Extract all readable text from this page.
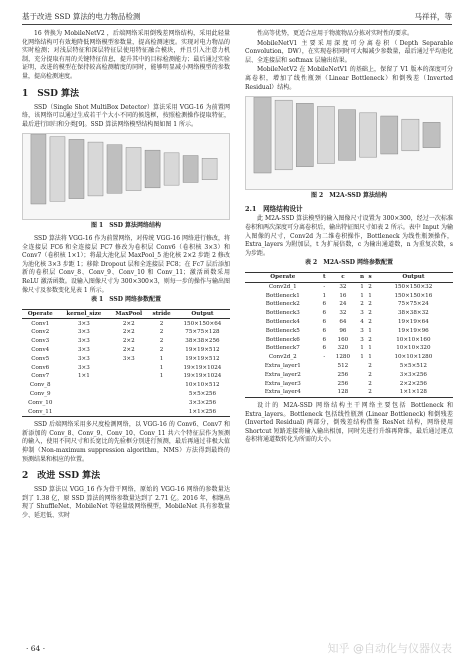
基于改进 SSD 算法的电力物品检测	马祥祥，等

16 替换为 MobileNetV2 ，后端网络采用倒残差网络结构，采用此轻量化网络结构可有效地降低网络模型参数量，提高检测速度。实现对电力物品的实时检测；对浅层特征和深层特征层使用特征融合模块，并且引入注意力机制，充分提取有用的关键特征信息，提升其中的目标检测能力；最后通过实验证明，改进的模型在保持较高检测精度的同时，能够明显减小网络模型的参数量，提高检测速度。

1　SSD 算法

SSD（Single Shot MultiBox Detector）算法采用 VGG-16 为前置网络，该网络可以通过生成若干个大小不同的候选框，按照检测操作提取特征，最后进行回归和分类[9]。SSD 算法网络模型结构图如图 1 所示。

图 1　SSD 算法网络结构

SSD 算法将 VGG-16 作为前置网络，对传统 VGG-16 网络进行修改，将全连接层 FC6 和全连接层 FC7 修改为卷积层 Conv6（卷积核 3×3）和 Conv7（卷积核 1×1）；将最大池化层 MaxPool_5 池化核 2×2 步距 2 修改为池化核 3×3 步距 1；移除 Dropout 层和全连接层 FC8；在 Fc7 层后添加新的卷积层 Conv_8、Conv_9、Conv_10 和 Conv_11；激活函数采用 ReLU 激活函数。设输入图像尺寸为 300×300×3，则每一步的操作与输出图像尺寸及参数变化见表 1 所示。

表 1　SSD 网络参数配置
Operate	kernel_size	MaxPool	stride	Output
Conv1	3×3	2×2	2	150×150×64
Conv2	3×3	2×2	2	75×75×128
Conv3	3×3	2×2	2	38×38×256
Conv4	3×3	2×2	2	19×19×512
Conv5	3×3	3×3	1	19×19×512
Conv6	3×3		1	19×19×1024
Conv7	1×1		1	19×19×1024
Conv_8				10×10×512
Conv_9				5×5×256
Conv_10				3×3×256
Conv_11				1×1×256

SSD 后端网络采用多尺度检测网络，以 VGG-16 的 Conv6、Conv7 和新添加的 Conv_8、Conv_9、Conv_10、Conv_11 共六个特征层作为预测的输入，使用不同尺寸和长宽比的先验框分别进行预测，最后再通过非极大值抑制（Non-maximum suppression algorithm，NMS）方法得到最终的预测结果和相应的位置。

2　改进 SSD 算法

SSD 算法以 VGG_16 作为骨干网络，原始的 VGG-16 网络的参数量达到了 1.38 亿，原 SSD 算法的网络参数量达到了 2.71 亿。2016 年，相继出现了 ShuffleNet、MobileNet 等轻量级网络模型，MobileNet 具有参数量少、延迟低、实时

性高等优势，更适合应用于物流物品分拣对实时性的要求。

MobileNetV1 主要采用深度可分离卷积（Depth Separable Convolution，DW），在实现卷积同时可大幅减少参数量，最后通过平均池化层、全连接层和 softmax 层输出结果。

MobileNetV2 在 MobileNetV1 的基础上，保留了 V1 版本的深度可分离卷积，增加了线性瓶颈（Linear Bottleneck）和倒残差（Inverted Residual）结构。

图 2　M2A-SSD 算法结构
2.1　网络结构设计

此 M2A-SSD 算法模型的输入图像尺寸设置为 300×300，经过一次标准卷积和两次深度可分离卷积后，输出特征图尺寸如表 2 所示。表中 Input 为输入图像的尺寸，Conv2d 为二维卷积操作，Bottleneck 为线性瓶颈操作，Extra_layers 为附加层，t 为扩展倍数，c 为输出通道数，n 为重复次数，s 为步距。

表 2　M2A-SSD 网络参数配置
Operate	t	c	n	s	Output
Conv2d_1	-	32	1	2	150×150×32
Bottleneck1	1	16	1	1	150×150×16
Bottleneck2	6	24	2	2	75×75×24
Bottleneck3	6	32	3	2	38×38×32
Bottleneck4	6	64	4	2	19×19×64
Bottleneck5	6	96	3	1	19×19×96
Bottleneck6	6	160	3	2	10×10×160
Bottleneck7	6	320	1	1	10×10×320
Conv2d_2	-	1280	1	1	10×10×1280
Extra_layer1		512		2	5×5×512
Extra_layer2		256		2	3×3×256
Extra_layer3		256		2	2×2×256
Extra_layer4		128		2	1×1×128

设计的 M2A-SSD 网络结构主干网络主要包括 Bottleneck 和 Extra_layers。Bottleneck 包括线性瓶颈 (Linear Bottleneck) 和倒残差 (Inverted Residual) 两部分，倒残差结构借鉴 ResNet 结构，网络使用 Shortcut 短路连接将输入输出相加，同时先进行升维再降维，最后通过逐点卷积将通道数转化为所需的大小。

· 64 ·	知乎 @自动化与仪器仪表
